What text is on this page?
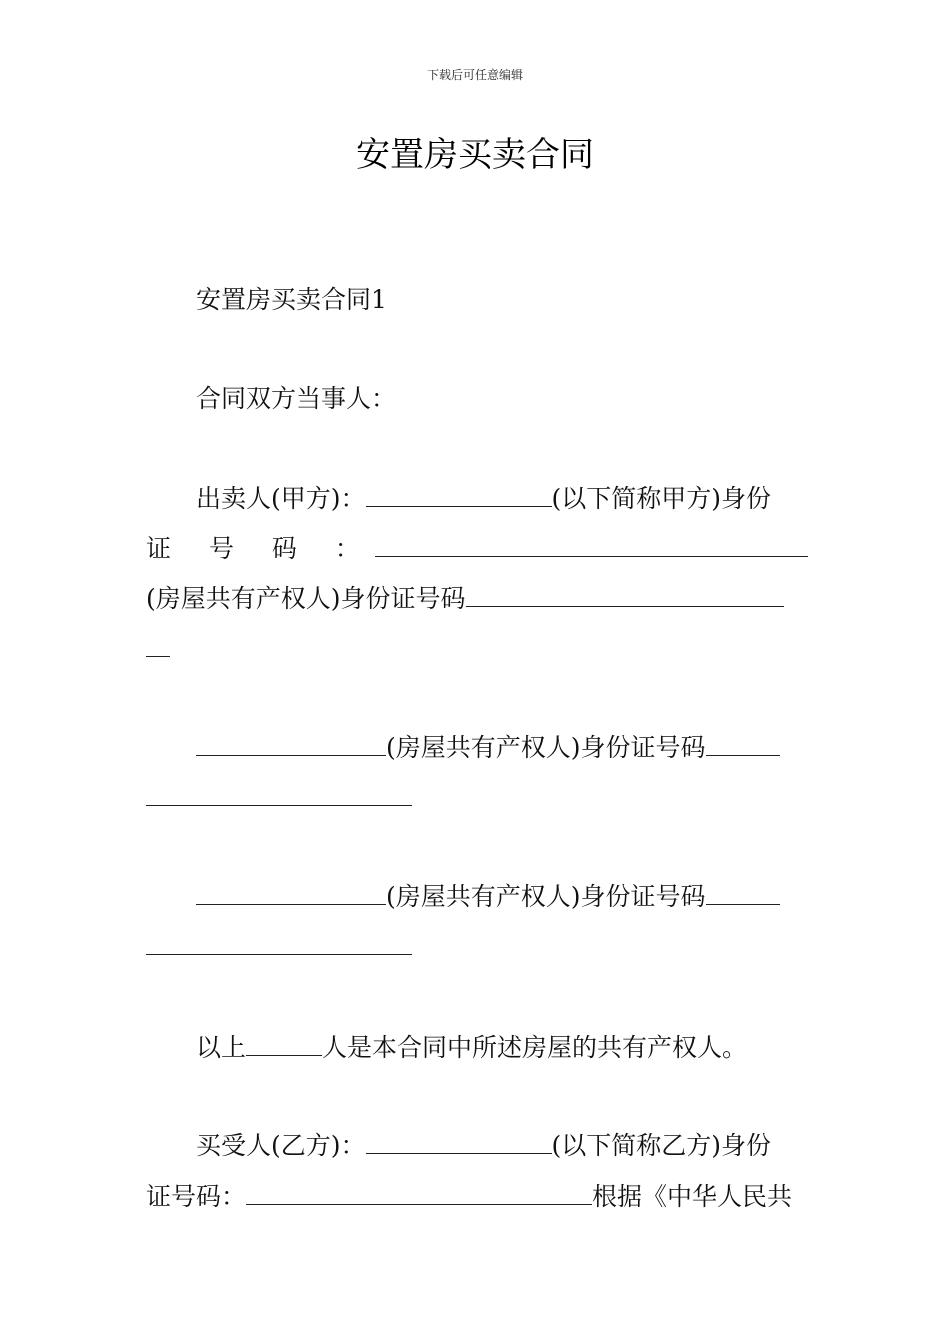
下载后可任意编辑
安置房买卖合同
安置房买卖合同1
合同双方当事人：
出卖人(甲方)：	(以下简称甲方)身份
证 号 码 ：
(房屋共有产权人)身份证号码
(房屋共有产权人)身份证号码
(房屋共有产权人)身份证号码
以上	人是本合同中所述房屋的共有产权人。
买受人(乙方)：	(以下简称乙方)身份
证号码：	根据《中华人民共
